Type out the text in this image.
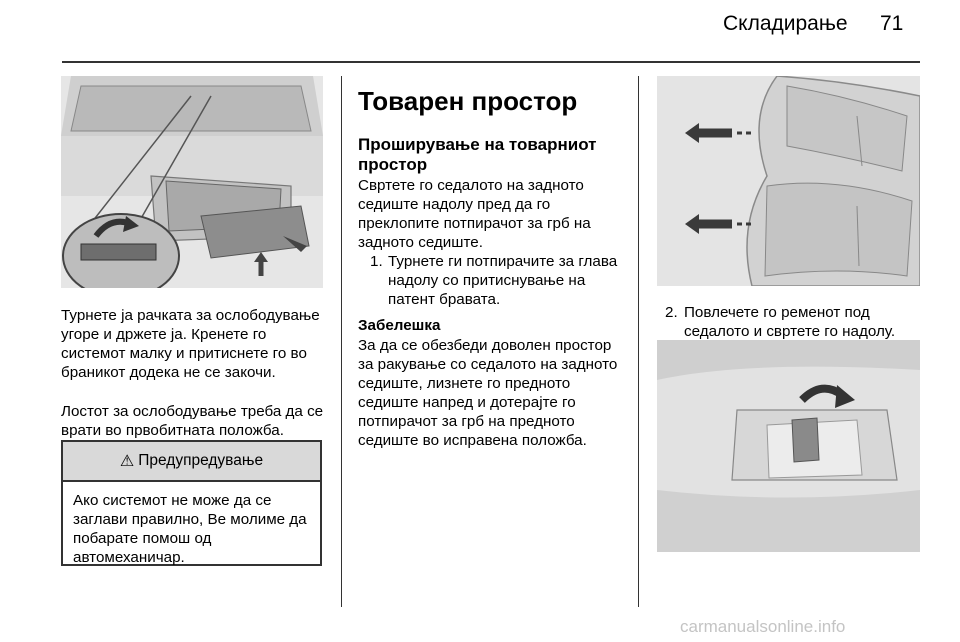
Складирање 71

Турнете ја рачката за ослободување угоре и држете ја. Кренете го системот малку и притиснете го во браникот додека не се закочи.

Лостот за ослободување треба да се врати во првобитната положба.

⚠ Предупредување
Ако системот не може да се заглави правилно, Ве молиме да побарате помош од автомеханичар.
Товарен простор
Проширување на товарниот простор

Свртете го седалото на задното седиште надолу пред да го преклопите потпирачот за грб на задното седиште.

1. Турнете ги потпирачите за глава надолу со притиснување на патент бравата.

Забелешка

За да се обезбеди доволен простор за ракување со седалото на задното седиште, лизнете го предното седиште напред и дотерајте го потпирачот за грб на предното седиште во исправена положба.

2. Повлечете го ременот под седалото и свртете го надолу.

carmanualsonline.info
